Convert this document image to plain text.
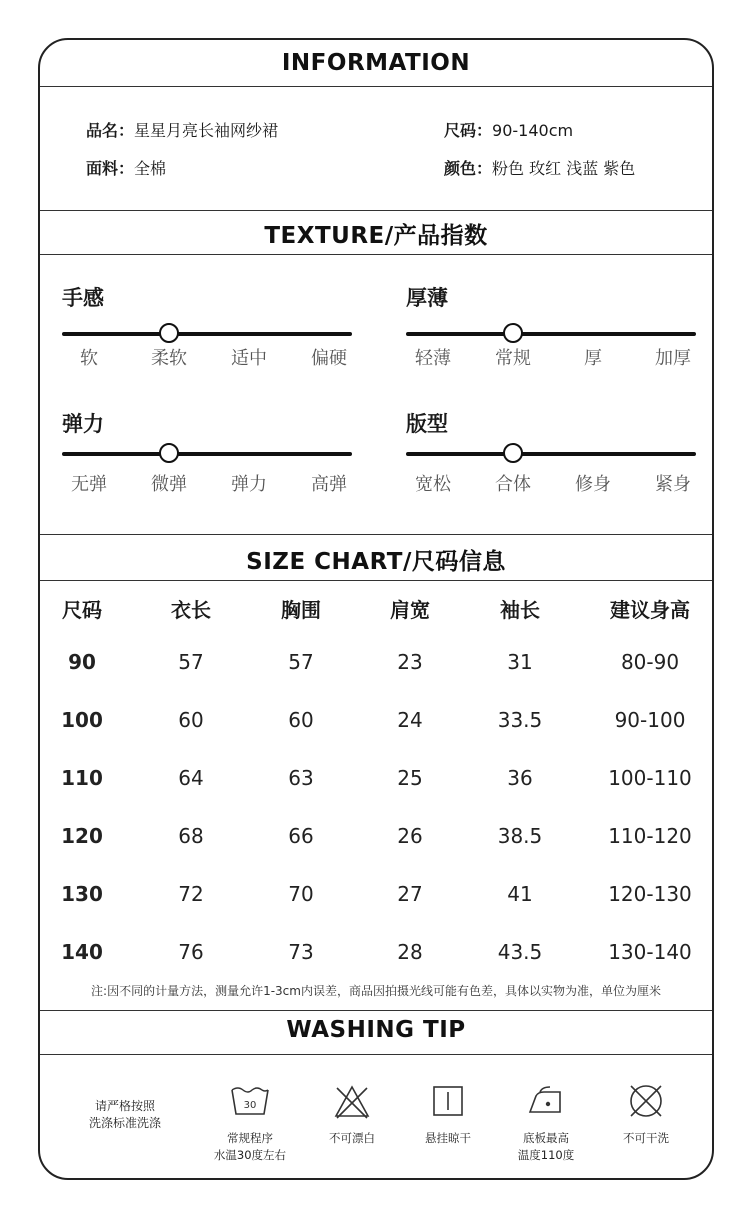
INFORMATION
品名：星星月亮长袖网纱裙	尺码：90-140cm
面料：全棉	颜色：粉色 玫红 浅蓝 紫色
TEXTURE/产品指数
SIZE CHART/尺码信息
注:因不同的计量方法，测量允许1-3cm内误差，商品因拍摄光线可能有色差，具体以实物为准，单位为厘米
WASHING TIP
请严格按照
洗涤标准洗涤
30
常规程序
水温30度左右
不可漂白	悬挂晾干	底板最高
温度110度
不可干洗
手感
软	柔软	适中	偏硬
厚薄
轻薄	常规	厚	加厚
弹力
无弹	微弹	弹力	高弹
版型
宽松	合体	修身	紧身
尺码	衣长	胸围	肩宽	袖长	建议身高
90	57	57	23	31	80-90
100	60	60	24	33.5	90-100
110	64	63	25	36	100-110
120	68	66	26	38.5	110-120
130	72	70	27	41	120-130
140	76	73	28	43.5	130-140
